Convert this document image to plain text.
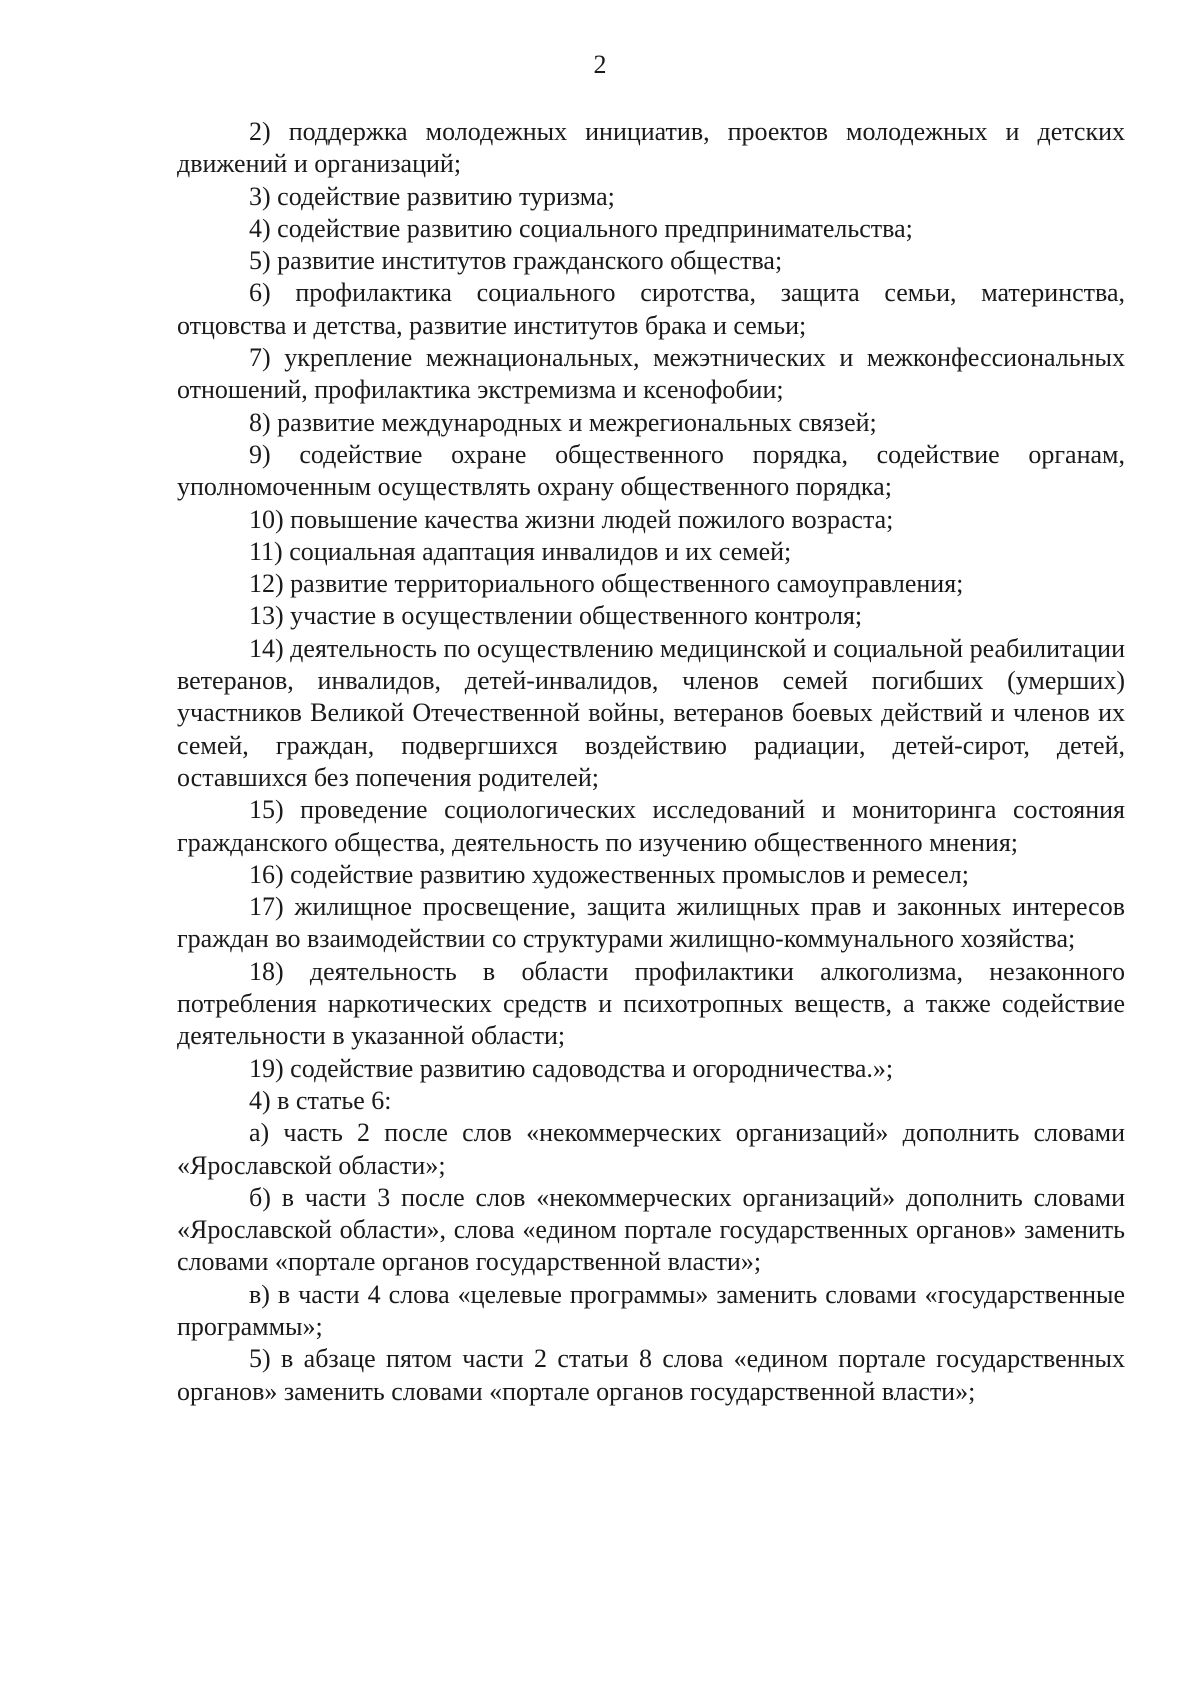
2

2) поддержка молодежных инициатив, проектов молодежных и детских движений и организаций;

3) содействие развитию туризма;

4) содействие развитию социального предпринимательства;

5) развитие институтов гражданского общества;

6) профилактика социального сиротства, защита семьи, материнства, отцовства и детства, развитие институтов брака и семьи;

7) укрепление межнациональных, межэтнических и межконфессиональных отношений, профилактика экстремизма и ксенофобии;

8) развитие международных и межрегиональных связей;

9) содействие охране общественного порядка, содействие органам, уполномоченным осуществлять охрану общественного порядка;

10) повышение качества жизни людей пожилого возраста;

11) социальная адаптация инвалидов и их семей;

12) развитие территориального общественного самоуправления;

13) участие в осуществлении общественного контроля;

14) деятельность по осуществлению медицинской и социальной реабилитации ветеранов, инвалидов, детей-инвалидов, членов семей погибших (умерших) участников Великой Отечественной войны, ветеранов боевых действий и членов их семей, граждан, подвергшихся воздействию радиации, детей-сирот, детей, оставшихся без попечения родителей;

15) проведение социологических исследований и мониторинга состояния гражданского общества, деятельность по изучению общественного мнения;

16) содействие развитию художественных промыслов и ремесел;

17) жилищное просвещение, защита жилищных прав и законных интересов граждан во взаимодействии со структурами жилищно-коммунального хозяйства;

18) деятельность в области профилактики алкоголизма, незаконного потребления наркотических средств и психотропных веществ, а также содействие деятельности в указанной области;

19) содействие развитию садоводства и огородничества.»;

4) в статье 6:

а) часть 2 после слов «некоммерческих организаций» дополнить словами «Ярославской области»;

б) в части 3 после слов «некоммерческих организаций» дополнить словами «Ярославской области», слова «едином портале государственных органов» заменить словами «портале органов государственной власти»;

в) в части 4 слова «целевые программы» заменить словами «государственные программы»;

5) в абзаце пятом части 2 статьи 8 слова «едином портале государственных органов» заменить словами «портале органов государственной власти»;
